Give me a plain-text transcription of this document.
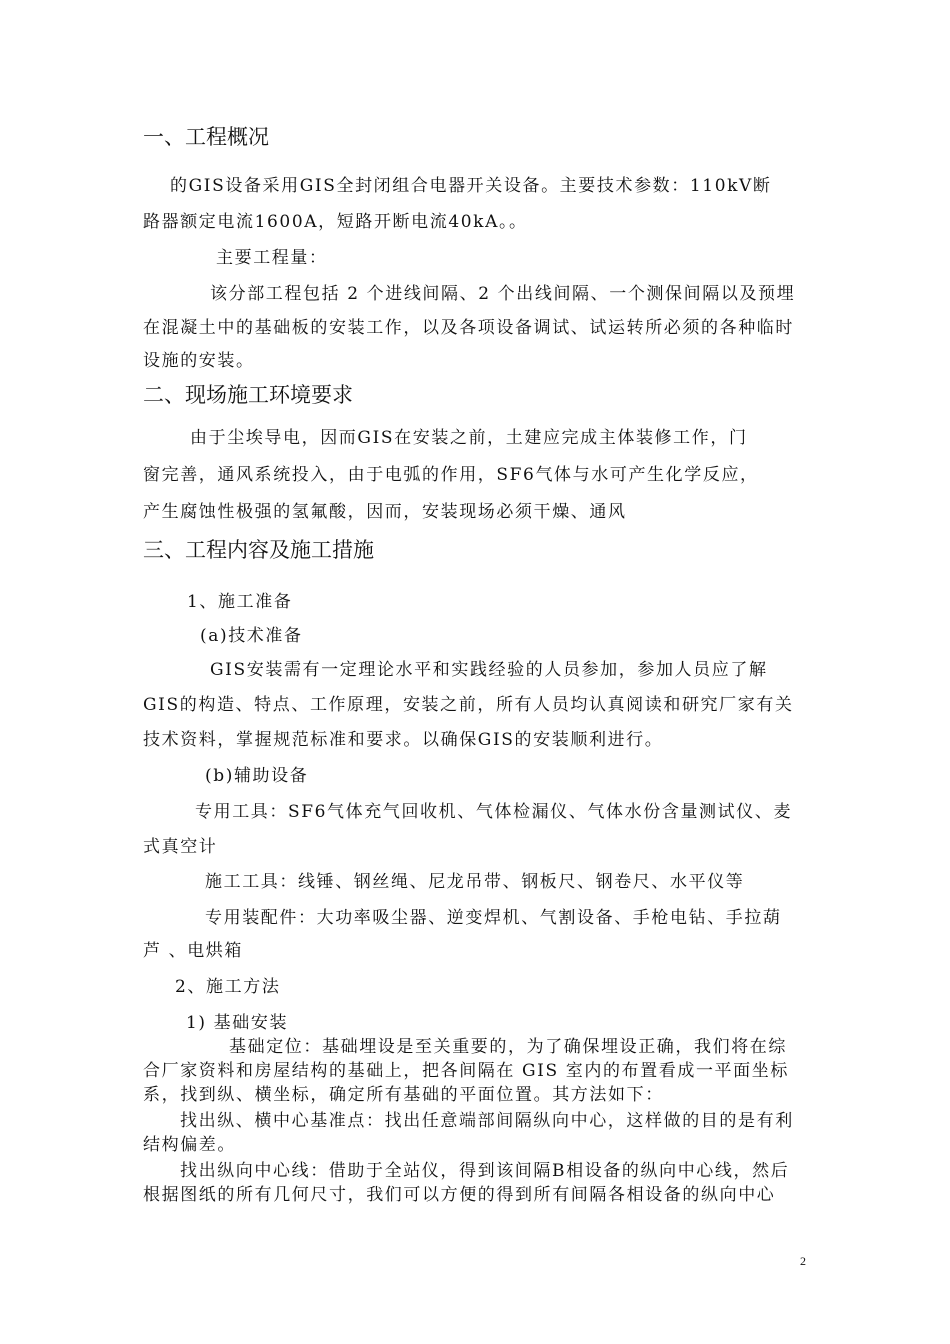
一、工程概况
的GIS设备采用GIS全封闭组合电器开关设备。主要技术参数：110kV断
路器额定电流1600A，短路开断电流40kA。。
主要工程量：
该分部工程包括 2 个进线间隔、2 个出线间隔、一个测保间隔以及预埋
在混凝土中的基础板的安装工作，以及各项设备调试、试运转所必须的各种临时
设施的安装。
二、现场施工环境要求
由于尘埃导电，因而GIS在安装之前，土建应完成主体装修工作，门
窗完善，通风系统投入，由于电弧的作用，SF6气体与水可产生化学反应，
产生腐蚀性极强的氢氟酸，因而，安装现场必须干燥、通风
三、工程内容及施工措施
1、施工准备
(a)技术准备
GIS安装需有一定理论水平和实践经验的人员参加，参加人员应了解
GIS的构造、特点、工作原理，安装之前，所有人员均认真阅读和研究厂家有关
技术资料，掌握规范标准和要求。以确保GIS的安装顺利进行。
(b)辅助设备
专用工具：SF6气体充气回收机、气体检漏仪、气体水份含量测试仪、麦
式真空计
施工工具：线锤、钢丝绳、尼龙吊带、钢板尺、钢卷尺、水平仪等
专用装配件：大功率吸尘器、逆变焊机、气割设备、手枪电钻、手拉葫
芦 、电烘箱
2、施工方法
1) 基础安装
基础定位：基础埋设是至关重要的，为了确保埋设正确，我们将在综
合厂家资料和房屋结构的基础上，把各间隔在 GIS 室内的布置看成一平面坐标
系，找到纵、横坐标，确定所有基础的平面位置。其方法如下：
找出纵、横中心基准点：找出任意端部间隔纵向中心，这样做的目的是有利
结构偏差。
找出纵向中心线：借助于全站仪，得到该间隔B相设备的纵向中心线，然后
根据图纸的所有几何尺寸，我们可以方便的得到所有间隔各相设备的纵向中心
2
